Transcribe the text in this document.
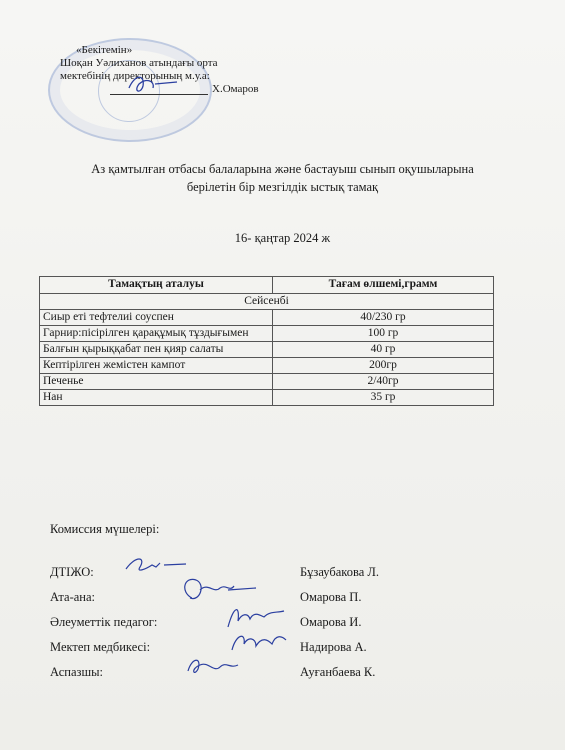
«Бекітемін»
Шоқан Уәлиханов атындағы орта
мектебінің директорының м.у.а:
Х.Омаров
Аз қамтылған отбасы балаларына және бастауыш сынып оқушыларына
берілетін бір мезгілдік ыстық тамақ
16- қаңтар 2024 ж
Тамақтың аталуы	Тағам өлшемі,грамм
Сейсенбі	
Сиыр еті тефтелиі соуспен	40/230 гр
Гарнир:пісірілген қарақұмық тұздығымен	100 гр
Балғын қырыққабат пен қияр салаты	40 гр
Кептірілген жемістен кампот	200гр
Печенье	2/40гр
Нан	35 гр
Комиссия мүшелері:
ДТІЖО:	Бұзаубакова Л.
Ата-ана:	Омарова П.
Әлеуметтік педагог:	Омарова И.
Мектеп медбикесі:	Надирова А.
Аспазшы:	Ауғанбаева К.
